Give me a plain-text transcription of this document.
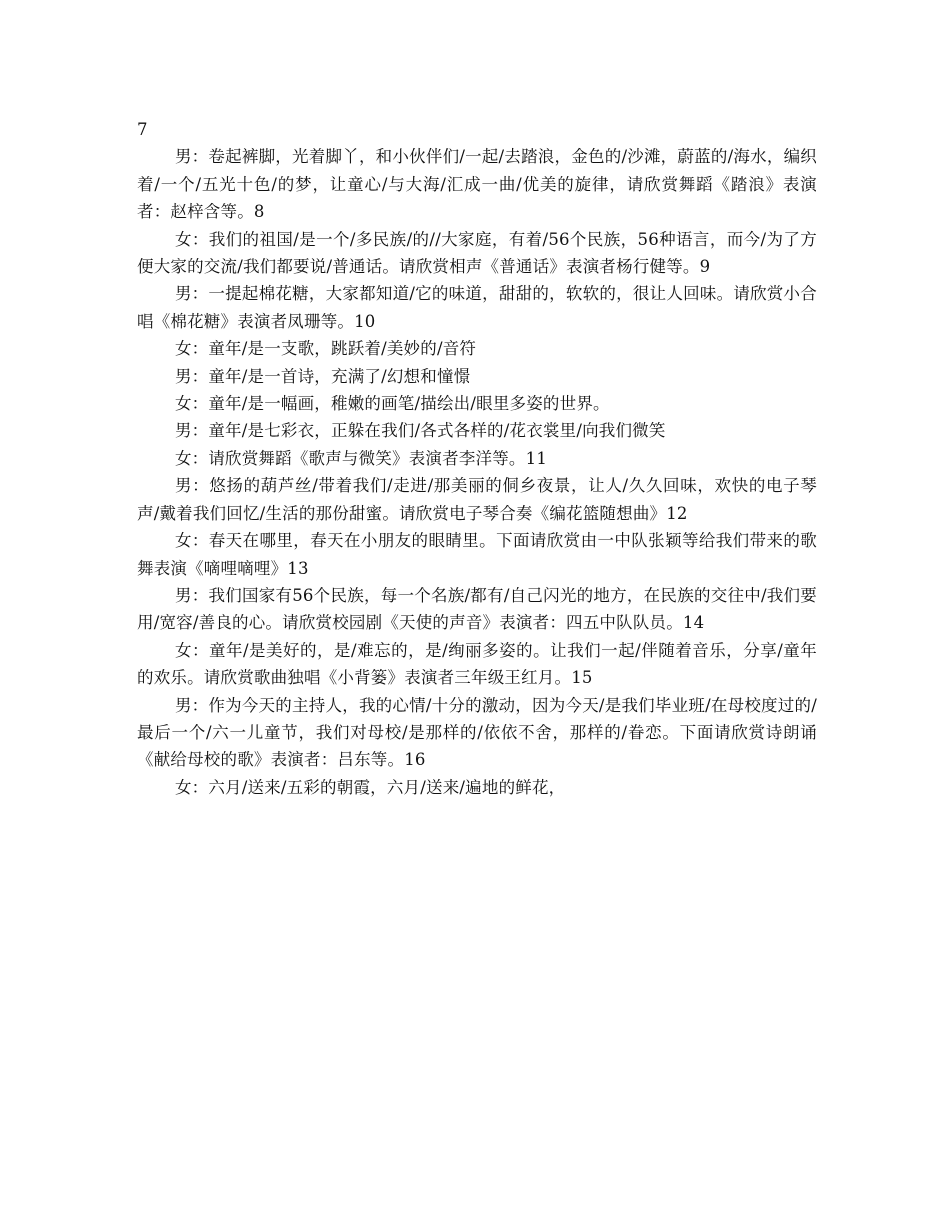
7

男：卷起裤脚，光着脚丫，和小伙伴们/一起/去踏浪，金色的/沙滩，蔚蓝的/海水，编织着/一个/五光十色/的梦，让童心/与大海/汇成一曲/优美的旋律，请欣赏舞蹈《踏浪》表演者：赵梓含等。8

女：我们的祖国/是一个/多民族/的//大家庭，有着/56个民族，56种语言，而今/为了方便大家的交流/我们都要说/普通话。请欣赏相声《普通话》表演者杨行健等。9

男：一提起棉花糖，大家都知道/它的味道，甜甜的，软软的，很让人回味。请欣赏小合唱《棉花糖》表演者凤珊等。10

女：童年/是一支歌，跳跃着/美妙的/音符

男：童年/是一首诗，充满了/幻想和憧憬

女：童年/是一幅画，稚嫩的画笔/描绘出/眼里多姿的世界。

男：童年/是七彩衣，正躲在我们/各式各样的/花衣裳里/向我们微笑

女：请欣赏舞蹈《歌声与微笑》表演者李洋等。11

男：悠扬的葫芦丝/带着我们/走进/那美丽的侗乡夜景，让人/久久回味，欢快的电子琴声/戴着我们回忆/生活的那份甜蜜。请欣赏电子琴合奏《编花篮随想曲》12

女：春天在哪里，春天在小朋友的眼睛里。下面请欣赏由一中队张颖等给我们带来的歌舞表演《嘀哩嘀哩》13

男：我们国家有56个民族，每一个名族/都有/自己闪光的地方，在民族的交往中/我们要用/宽容/善良的心。请欣赏校园剧《天使的声音》表演者：四五中队队员。14

女：童年/是美好的，是/难忘的，是/绚丽多姿的。让我们一起/伴随着音乐，分享/童年的欢乐。请欣赏歌曲独唱《小背篓》表演者三年级王红月。15

男：作为今天的主持人，我的心情/十分的激动，因为今天/是我们毕业班/在母校度过的/最后一个/六一儿童节，我们对母校/是那样的/依依不舍，那样的/眷恋。下面请欣赏诗朗诵《献给母校的歌》表演者：吕东等。16

女：六月/送来/五彩的朝霞，六月/送来/遍地的鲜花，
